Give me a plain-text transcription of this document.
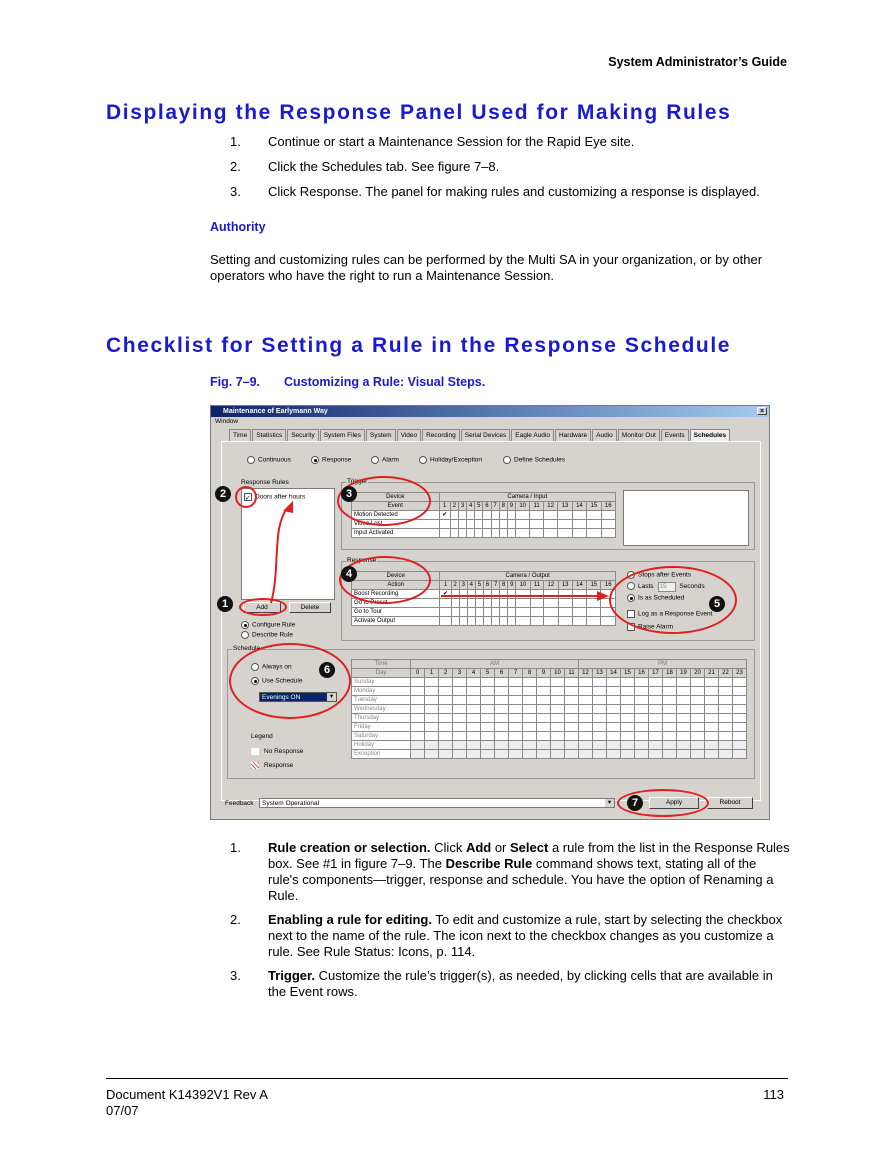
System Administrator’s Guide
Displaying the Response Panel Used for Making Rules
1. Continue or start a Maintenance Session for the Rapid Eye site.
2. Click the Schedules tab. See figure 7–8.
3. Click Response. The panel for making rules and customizing a response is displayed.
Authority
Setting and customizing rules can be performed by the Multi SA in your organization, or by other operators who have the right to run a Maintenance Session.
Checklist for Setting a Rule in the Response Schedule
Fig. 7–9. Customizing a Rule: Visual Steps.
Maintenance of Earlymann Way	×
Window
Time	Statistics	Security	System Files	System	Video	Recording	Serial Devices	Eagle Audio	Hardware	Audio	Monitor Out	Events	Schedules
Continuous	Response	Alarm	Holiday/Exception	Define Schedules
Response Rules
✓ Doors after hours
Add	Delete
Configure Rule
Describe Rule
Trigger
Device	Camera / Input															
Event	1	2	3	4	5	6	7	8	9	10	11	12	13	14	15	16
Motion Detected	✔															
Video Lost																
Input Activated																
Response
Device	Camera / Output															
Action	1	2	3	4	5	6	7	8	9	10	11	12	13	14	15	16
Boost Recording	✔															
Go to Preset																
Go to Tour																
Activate Output																
Stops after Events
Lasts 15 Seconds
Is as Scheduled
Log as a Response Event
Raise Alarm
Schedule
Always on
Use Schedule
Evenings ON	▾
Legend
No Response
Response
Time	AM												PM											
Day	0	1	2	3	4	5	6	7	8	9	10	11	12	13	14	15	16	17	18	19	20	21	22	23
Sunday																								
Monday																								
Tuesday																								
Wednesday																								
Thursday																								
Friday																								
Saturday																								
Holiday																								
Exception																								
Feedback	System Operational	▾	Apply	Reboot
1
2	3
4
5
6
7
1. Rule creation or selection. Click Add or Select a rule from the list in the Response Rules box. See #1 in figure 7–9. The Describe Rule command shows text, stating all of the rule's components—trigger, response and schedule. You have the option of Renaming a Rule.
2. Enabling a rule for editing. To edit and customize a rule, start by selecting the checkbox next to the name of the rule. The icon next to the checkbox changes as you customize a rule. See Rule Status: Icons, p. 114.
3. Trigger. Customize the rule’s trigger(s), as needed, by clicking cells that are available in the Event rows.
Document K14392V1 Rev A
07/07
113
